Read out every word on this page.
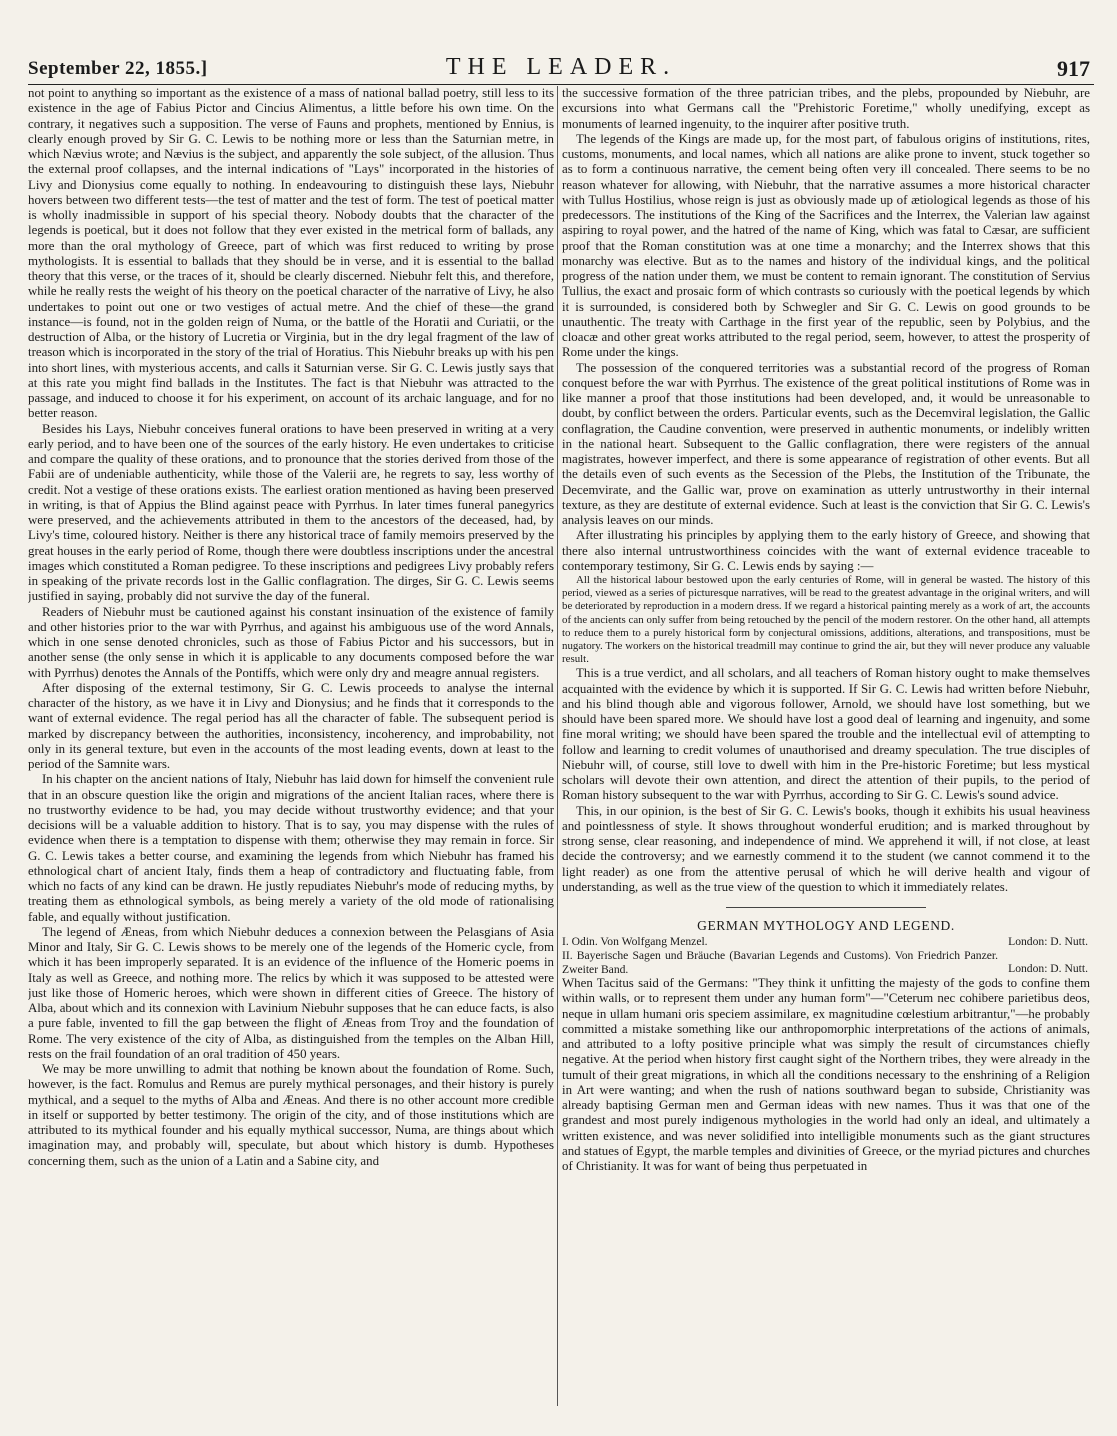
September 22, 1855.]	THE LEADER.	917

not point to anything so important as the existence of a mass of national ballad poetry, still less to its existence in the age of Fabius Pictor and Cincius Alimentus, a little before his own time. On the contrary, it negatives such a supposition. The verse of Fauns and prophets, mentioned by Ennius, is clearly enough proved by Sir G. C. Lewis to be nothing more or less than the Saturnian metre, in which Nævius wrote; and Nævius is the subject, and apparently the sole subject, of the allusion. Thus the external proof collapses, and the internal indications of "Lays" incorporated in the histories of Livy and Dionysius come equally to nothing. In endeavouring to distinguish these lays, Niebuhr hovers between two different tests—the test of matter and the test of form. The test of poetical matter is wholly inadmissible in support of his special theory. Nobody doubts that the character of the legends is poetical, but it does not follow that they ever existed in the metrical form of ballads, any more than the oral mythology of Greece, part of which was first reduced to writing by prose mythologists. It is essential to ballads that they should be in verse, and it is essential to the ballad theory that this verse, or the traces of it, should be clearly discerned. Niebuhr felt this, and therefore, while he really rests the weight of his theory on the poetical character of the narrative of Livy, he also undertakes to point out one or two vestiges of actual metre. And the chief of these—the grand instance—is found, not in the golden reign of Numa, or the battle of the Horatii and Curiatii, or the destruction of Alba, or the history of Lucretia or Virginia, but in the dry legal fragment of the law of treason which is incorporated in the story of the trial of Horatius. This Niebuhr breaks up with his pen into short lines, with mysterious accents, and calls it Saturnian verse. Sir G. C. Lewis justly says that at this rate you might find ballads in the Institutes. The fact is that Niebuhr was attracted to the passage, and induced to choose it for his experiment, on account of its archaic language, and for no better reason.

Besides his Lays, Niebuhr conceives funeral orations to have been preserved in writing at a very early period, and to have been one of the sources of the early history. He even undertakes to criticise and compare the quality of these orations, and to pronounce that the stories derived from those of the Fabii are of undeniable authenticity, while those of the Valerii are, he regrets to say, less worthy of credit. Not a vestige of these orations exists. The earliest oration mentioned as having been preserved in writing, is that of Appius the Blind against peace with Pyrrhus. In later times funeral panegyrics were preserved, and the achievements attributed in them to the ancestors of the deceased, had, by Livy's time, coloured history. Neither is there any historical trace of family memoirs preserved by the great houses in the early period of Rome, though there were doubtless inscriptions under the ancestral images which constituted a Roman pedigree. To these inscriptions and pedigrees Livy probably refers in speaking of the private records lost in the Gallic conflagration. The dirges, Sir G. C. Lewis seems justified in saying, probably did not survive the day of the funeral.

Readers of Niebuhr must be cautioned against his constant insinuation of the existence of family and other histories prior to the war with Pyrrhus, and against his ambiguous use of the word Annals, which in one sense denoted chronicles, such as those of Fabius Pictor and his successors, but in another sense (the only sense in which it is applicable to any documents composed before the war with Pyrrhus) denotes the Annals of the Pontiffs, which were only dry and meagre annual registers.

After disposing of the external testimony, Sir G. C. Lewis proceeds to analyse the internal character of the history, as we have it in Livy and Dionysius; and he finds that it corresponds to the want of external evidence. The regal period has all the character of fable. The subsequent period is marked by discrepancy between the authorities, inconsistency, incoherency, and improbability, not only in its general texture, but even in the accounts of the most leading events, down at least to the period of the Samnite wars.

In his chapter on the ancient nations of Italy, Niebuhr has laid down for himself the convenient rule that in an obscure question like the origin and migrations of the ancient Italian races, where there is no trustworthy evidence to be had, you may decide without trustworthy evidence; and that your decisions will be a valuable addition to history. That is to say, you may dispense with the rules of evidence when there is a temptation to dispense with them; otherwise they may remain in force. Sir G. C. Lewis takes a better course, and examining the legends from which Niebuhr has framed his ethnological chart of ancient Italy, finds them a heap of contradictory and fluctuating fable, from which no facts of any kind can be drawn. He justly repudiates Niebuhr's mode of reducing myths, by treating them as ethnological symbols, as being merely a variety of the old mode of rationalising fable, and equally without justification.

The legend of Æneas, from which Niebuhr deduces a connexion between the Pelasgians of Asia Minor and Italy, Sir G. C. Lewis shows to be merely one of the legends of the Homeric cycle, from which it has been improperly separated. It is an evidence of the influence of the Homeric poems in Italy as well as Greece, and nothing more. The relics by which it was supposed to be attested were just like those of Homeric heroes, which were shown in different cities of Greece. The history of Alba, about which and its connexion with Lavinium Niebuhr supposes that he can educe facts, is also a pure fable, invented to fill the gap between the flight of Æneas from Troy and the foundation of Rome. The very existence of the city of Alba, as distinguished from the temples on the Alban Hill, rests on the frail foundation of an oral tradition of 450 years.

We may be more unwilling to admit that nothing be known about the foundation of Rome. Such, however, is the fact. Romulus and Remus are purely mythical personages, and their history is purely mythical, and a sequel to the myths of Alba and Æneas. And there is no other account more credible in itself or supported by better testimony. The origin of the city, and of those institutions which are attributed to its mythical founder and his equally mythical successor, Numa, are things about which imagination may, and probably will, speculate, but about which history is dumb. Hypotheses concerning them, such as the union of a Latin and a Sabine city, and

the successive formation of the three patrician tribes, and the plebs, propounded by Niebuhr, are excursions into what Germans call the "Prehistoric Foretime," wholly unedifying, except as monuments of learned ingenuity, to the inquirer after positive truth.

The legends of the Kings are made up, for the most part, of fabulous origins of institutions, rites, customs, monuments, and local names, which all nations are alike prone to invent, stuck together so as to form a continuous narrative, the cement being often very ill concealed. There seems to be no reason whatever for allowing, with Niebuhr, that the narrative assumes a more historical character with Tullus Hostilius, whose reign is just as obviously made up of ætiological legends as those of his predecessors. The institutions of the King of the Sacrifices and the Interrex, the Valerian law against aspiring to royal power, and the hatred of the name of King, which was fatal to Cæsar, are sufficient proof that the Roman constitution was at one time a monarchy; and the Interrex shows that this monarchy was elective. But as to the names and history of the individual kings, and the political progress of the nation under them, we must be content to remain ignorant. The constitution of Servius Tullius, the exact and prosaic form of which contrasts so curiously with the poetical legends by which it is surrounded, is considered both by Schwegler and Sir G. C. Lewis on good grounds to be unauthentic. The treaty with Carthage in the first year of the republic, seen by Polybius, and the cloacæ and other great works attributed to the regal period, seem, however, to attest the prosperity of Rome under the kings.

The possession of the conquered territories was a substantial record of the progress of Roman conquest before the war with Pyrrhus. The existence of the great political institutions of Rome was in like manner a proof that those institutions had been developed, and, it would be unreasonable to doubt, by conflict between the orders. Particular events, such as the Decemviral legislation, the Gallic conflagration, the Caudine convention, were preserved in authentic monuments, or indelibly written in the national heart. Subsequent to the Gallic conflagration, there were registers of the annual magistrates, however imperfect, and there is some appearance of registration of other events. But all the details even of such events as the Secession of the Plebs, the Institution of the Tribunate, the Decemvirate, and the Gallic war, prove on examination as utterly untrustworthy in their internal texture, as they are destitute of external evidence. Such at least is the conviction that Sir G. C. Lewis's analysis leaves on our minds.

After illustrating his principles by applying them to the early history of Greece, and showing that there also internal untrustworthiness coincides with the want of external evidence traceable to contemporary testimony, Sir G. C. Lewis ends by saying :—

All the historical labour bestowed upon the early centuries of Rome, will in general be wasted. The history of this period, viewed as a series of picturesque narratives, will be read to the greatest advantage in the original writers, and will be deteriorated by reproduction in a modern dress. If we regard a historical painting merely as a work of art, the accounts of the ancients can only suffer from being retouched by the pencil of the modern restorer. On the other hand, all attempts to reduce them to a purely historical form by conjectural omissions, additions, alterations, and transpositions, must be nugatory. The workers on the historical treadmill may continue to grind the air, but they will never produce any valuable result.

This is a true verdict, and all scholars, and all teachers of Roman history ought to make themselves acquainted with the evidence by which it is supported. If Sir G. C. Lewis had written before Niebuhr, and his blind though able and vigorous follower, Arnold, we should have lost something, but we should have been spared more. We should have lost a good deal of learning and ingenuity, and some fine moral writing; we should have been spared the trouble and the intellectual evil of attempting to follow and learning to credit volumes of unauthorised and dreamy speculation. The true disciples of Niebuhr will, of course, still love to dwell with him in the Pre-historic Foretime; but less mystical scholars will devote their own attention, and direct the attention of their pupils, to the period of Roman history subsequent to the war with Pyrrhus, according to Sir G. C. Lewis's sound advice.

This, in our opinion, is the best of Sir G. C. Lewis's books, though it exhibits his usual heaviness and pointlessness of style. It shows throughout wonderful erudition; and is marked throughout by strong sense, clear reasoning, and independence of mind. We apprehend it will, if not close, at least decide the controversy; and we earnestly commend it to the student (we cannot commend it to the light reader) as one from the attentive perusal of which he will derive health and vigour of understanding, as well as the true view of the question to which it immediately relates.

GERMAN MYTHOLOGY AND LEGEND.
I. Odin. Von Wolfgang Menzel.	London: D. Nutt.
II. Bayerische Sagen und Bräuche (Bavarian Legends and Customs). Von Friedrich Panzer. Zweiter Band.	London: D. Nutt.

When Tacitus said of the Germans: "They think it unfitting the majesty of the gods to confine them within walls, or to represent them under any human form"—"Ceterum nec cohibere parietibus deos, neque in ullam humani oris speciem assimilare, ex magnitudine cœlestium arbitrantur,"—he probably committed a mistake something like our anthropomorphic interpretations of the actions of animals, and attributed to a lofty positive principle what was simply the result of circumstances chiefly negative. At the period when history first caught sight of the Northern tribes, they were already in the tumult of their great migrations, in which all the conditions necessary to the enshrining of a Religion in Art were wanting; and when the rush of nations southward began to subside, Christianity was already baptising German men and German ideas with new names. Thus it was that one of the grandest and most purely indigenous mythologies in the world had only an ideal, and ultimately a written existence, and was never solidified into intelligible monuments such as the giant structures and statues of Egypt, the marble temples and divinities of Greece, or the myriad pictures and churches of Christianity. It was for want of being thus perpetuated in
